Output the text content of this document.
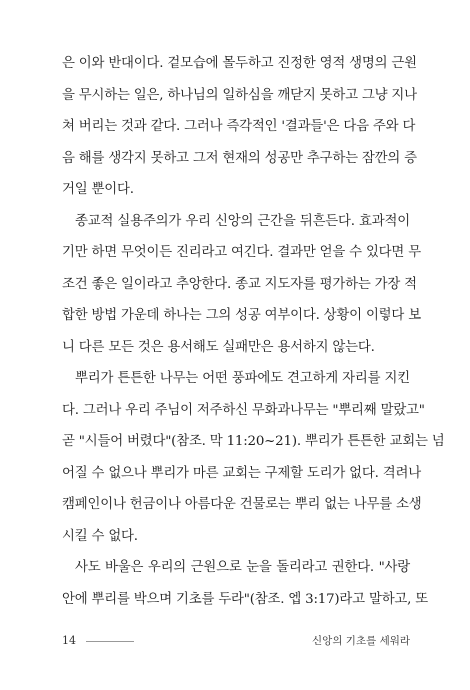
은 이와 반대이다. 겉모습에 몰두하고 진정한 영적 생명의 근원
을 무시하는 일은, 하나님의 일하심을 깨닫지 못하고 그냥 지나
쳐 버리는 것과 같다. 그러나 즉각적인 '결과들'은 다음 주와 다
음 해를 생각지 못하고 그저 현재의 성공만 추구하는 잠깐의 증
거일 뿐이다.
종교적 실용주의가 우리 신앙의 근간을 뒤흔든다. 효과적이
기만 하면 무엇이든 진리라고 여긴다. 결과만 얻을 수 있다면 무
조건 좋은 일이라고 추앙한다. 종교 지도자를 평가하는 가장 적
합한 방법 가운데 하나는 그의 성공 여부이다. 상황이 이렇다 보
니 다른 모든 것은 용서해도 실패만은 용서하지 않는다.
뿌리가 튼튼한 나무는 어떤 풍파에도 견고하게 자리를 지킨
다. 그러나 우리 주님이 저주하신 무화과나무는 "뿌리째 말랐고"
곧 "시들어 버렸다"(참조. 막 11:20~21). 뿌리가 튼튼한 교회는 넘
어질 수 없으나 뿌리가 마른 교회는 구제할 도리가 없다. 격려나
캠페인이나 헌금이나 아름다운 건물로는 뿌리 없는 나무를 소생
시킬 수 없다.
사도 바울은 우리의 근원으로 눈을 돌리라고 권한다. "사랑
안에 뿌리를 박으며 기초를 두라"(참조. 엡 3:17)라고 말하고, 또
14	신앙의 기초를 세워라
